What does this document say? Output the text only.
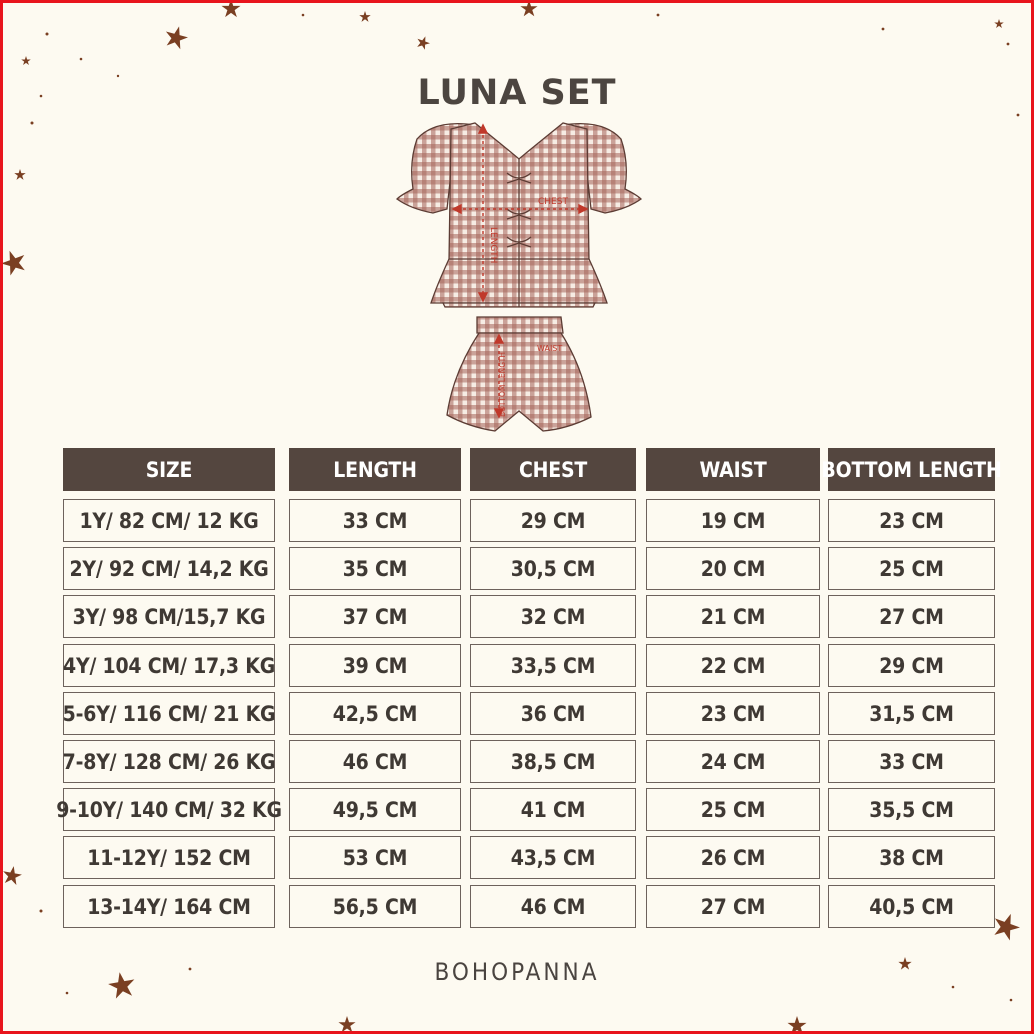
LUNA SET
CHEST
LENGTH
WAIST
BOTTOM LENGTH
SIZE	LENGTH	CHEST	WAIST	BOTTOM LENGTH
1Y/ 82 CM/ 12 KG	33 CM	29 CM	19 CM	23 CM
2Y/ 92 CM/ 14,2 KG	35 CM	30,5 CM	20 CM	25 CM
3Y/ 98 CM/15,7 KG	37 CM	32 CM	21 CM	27 CM
4Y/ 104 CM/ 17,3 KG	39 CM	33,5 CM	22 CM	29 CM
5-6Y/ 116 CM/ 21 KG	42,5 CM	36 CM	23 CM	31,5 CM
7-8Y/ 128 CM/ 26 KG	46 CM	38,5 CM	24 CM	33 CM
9-10Y/ 140 CM/ 32 KG	49,5 CM	41 CM	25 CM	35,5 CM
11-12Y/ 152 CM	53 CM	43,5 CM	26 CM	38 CM
13-14Y/ 164 CM	56,5 CM	46 CM	27 CM	40,5 CM
BOHOPANNA
